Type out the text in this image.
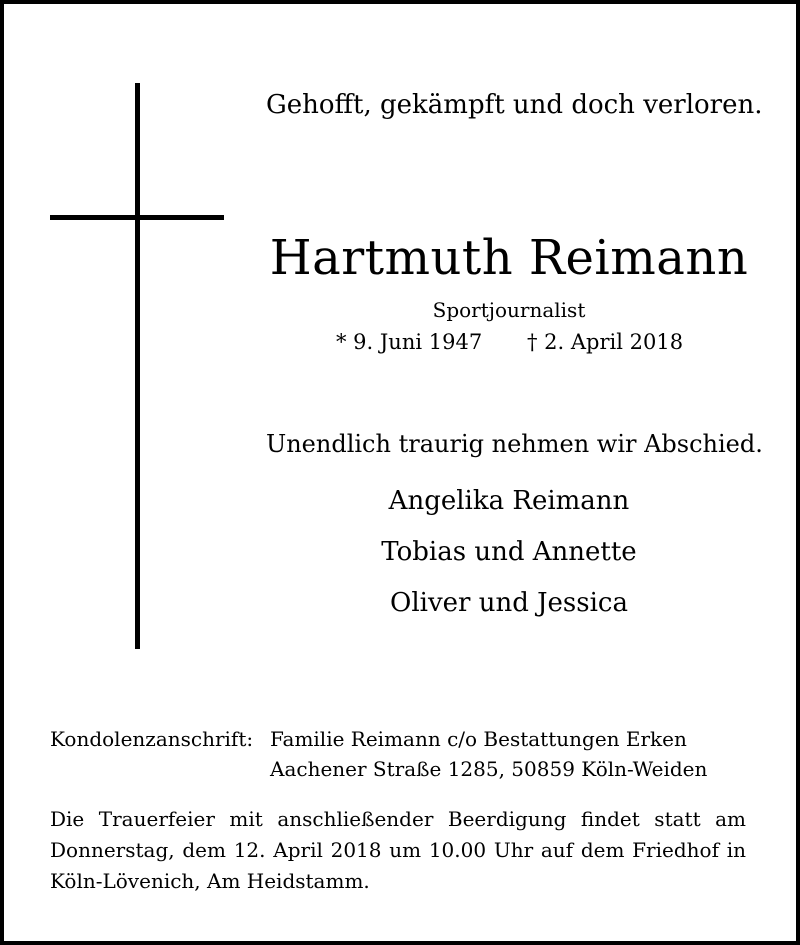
Gehofft, gekämpft und doch verloren.
Hartmuth Reimann
Sportjournalist
* 9. Juni 1947 † 2. April 2018
Unendlich traurig nehmen wir Abschied.
Angelika Reimann
Tobias und Annette
Oliver und Jessica
Kondolenzanschrift: Familie Reimann c/o Bestattungen Erken
Aachener Straße 1285, 50859 Köln-Weiden
Die Trauerfeier mit anschließender Beerdigung findet statt am Donnerstag, dem 12. April 2018 um 10.00 Uhr auf dem Friedhof in Köln-Lövenich, Am Heidstamm.
